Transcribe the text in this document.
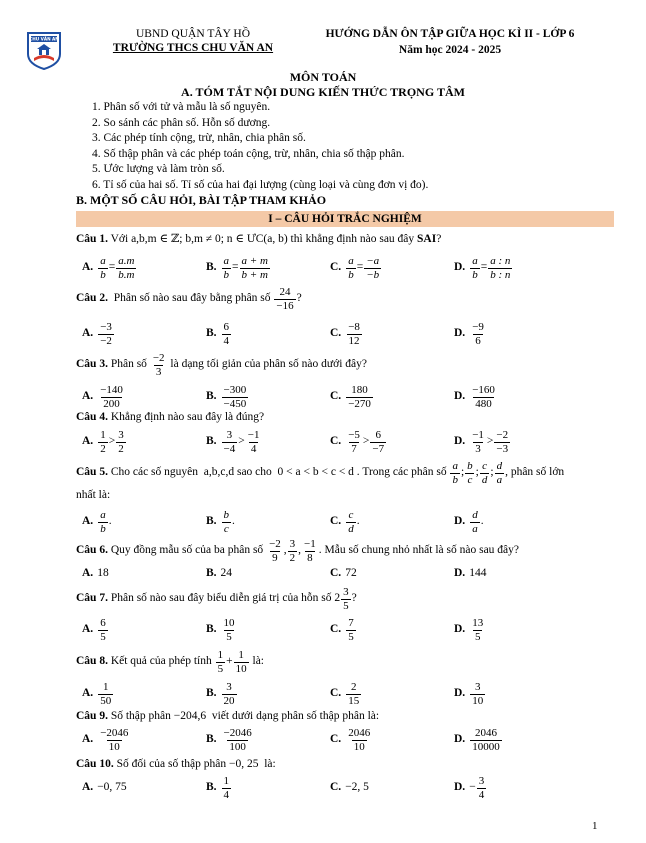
CHU VĂN AN	UBND QUẬN TÂY HỒ
TRƯỜNG THCS CHU VĂN AN
HƯỚNG DẪN ÔN TẬP GIỮA HỌC KÌ II - LỚP 6
Năm học 2024 - 2025
MÔN TOÁN
A. TÓM TẮT NỘI DUNG KIẾN THỨC TRỌNG TÂM
1. Phân số với tử và mẫu là số nguyên.
2. So sánh các phân số. Hỗn số dương.
3. Các phép tính cộng, trừ, nhân, chia phân số.
4. Số thập phân và các phép toán cộng, trừ, nhân, chia số thập phân.
5. Ước lượng và làm tròn số.
6. Tỉ số của hai số. Tỉ số của hai đại lượng (cùng loại và cùng đơn vị đo).
B. MỘT SỐ CÂU HỎI, BÀI TẬP THAM KHẢO
I – CÂU HỎI TRẮC NGHIỆM
Câu 1. Với a,b,m ∈ ℤ; b,m ≠ 0; n ∈ ƯC(a, b) thì khẳng định nào sau đây SAI?
A. $\frac{a}{b} = \frac{a.m}{b.m}$	B. $\frac{a}{b} = \frac{a + m}{b + m}$	C. $\frac{a}{b} = \frac{-a}{-b}$	D. $\frac{a}{b} = \frac{a : n}{b : n}$
Câu 2. Phân số nào sau đây bằng phân số $\frac{24}{-16}$ ?
A. $\frac{-3}{-2}$	B. $\frac{6}{4}$	C. $\frac{-8}{12}$	D. $\frac{-9}{6}$
Câu 3. Phân số $\frac{-2}{3}$ là dạng tối giản của phân số nào dưới đây?
A. $\frac{-140}{200}$	B. $\frac{-300}{-450}$	C. $\frac{180}{-270}$	D. $\frac{-160}{480}$
Câu 4. Khẳng định nào sau đây là đúng?
A. $\frac{1}{2} > \frac{3}{2}$	B. $\frac{3}{-4} > \frac{-1}{4}$	C. $\frac{-5}{7} > \frac{6}{-7}$	D. $\frac{-1}{3} > \frac{-2}{-3}$
Câu 5. Cho các số nguyên  a,b,c,d sao cho  0 < a < b < c < d . Trong các phân số $\frac{a}{b}$ ; $\frac{b}{c}$ ; $\frac{c}{d}$ ; $\frac{d}{a}$ , phân số lớn
nhất là:
A. $\frac{a}{b}$ .	B. $\frac{b}{c}$ .	C. $\frac{c}{d}$ .	D. $\frac{d}{a}$ .
Câu 6. Quy đồng mẫu số của ba phân số $\frac{-2}{9}$ , $\frac{3}{2}$ , $\frac{-1}{8}$ . Mẫu số chung nhỏ nhất là số nào sau đây?
A. 18	B. 24	C. 72	D. 144
Câu 7. Phân số nào sau đây biểu diễn giá trị của hỗn số $2 \frac{3}{5}$ ?
A. $\frac{6}{5}$	B. $\frac{10}{5}$	C. $\frac{7}{5}$	D. $\frac{13}{5}$
Câu 8. Kết quả của phép tính $\frac{1}{5} + \frac{1}{10}$ là:
A. $\frac{1}{50}$	B. $\frac{3}{20}$	C. $\frac{2}{15}$	D. $\frac{3}{10}$
Câu 9. Số thập phân −204,6  viết dưới dạng phân số thập phân là:
A. $\frac{-2046}{10}$	B. $\frac{-2046}{100}$	C. $\frac{2046}{10}$	D. $\frac{2046}{10000}$
Câu 10. Số đối của số thập phân −0, 25  là:
A. −0, 75	B. $\frac{1}{4}$	C. −2, 5	D. − $\frac{3}{4}$
1
